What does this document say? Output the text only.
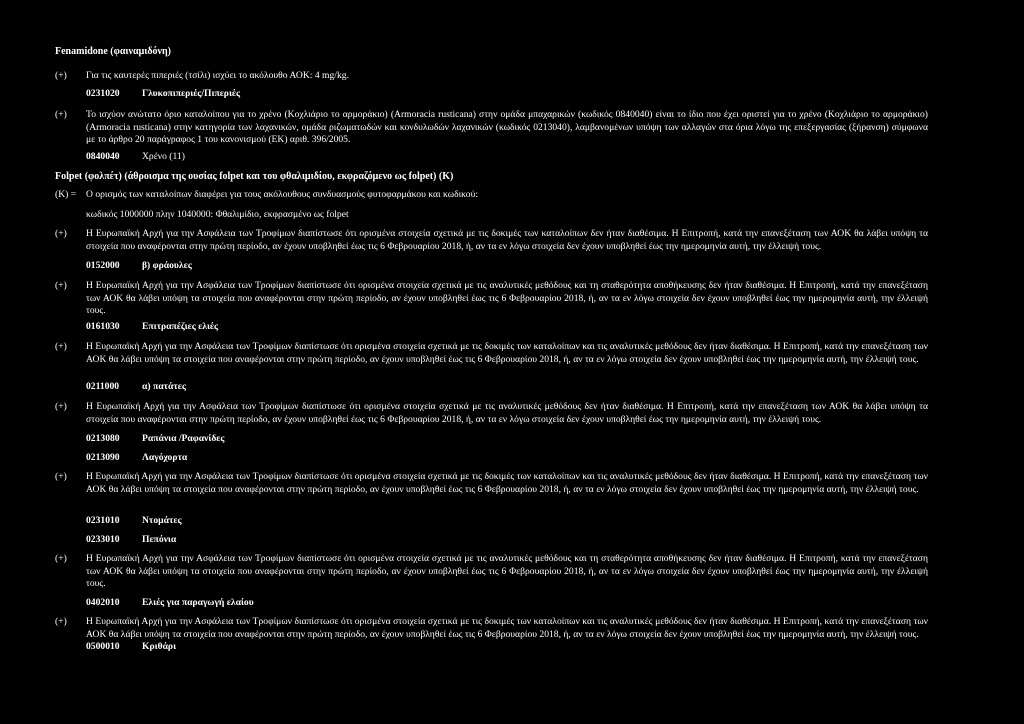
Fenamidone (φαιναμιδόνη)
(+) Για τις καυτερές πιπεριές (τσίλι) ισχύει το ακόλουθο ΑΟΚ: 4 mg/kg.
0231020 Γλυκοπιπεριές/Πιπεριές
(+) Το ισχύον ανώτατο όριο καταλοίπου για το χρένο (Κοχλιάριο το αρμοράκιο) (Armoracia rusticana) στην ομάδα μπαχαρικών (κωδικός 0840040) είναι το ίδιο που έχει οριστεί για το χρένο (Κοχλιάριο το αρμοράκιο) (Armoracia rusticana) στην κατηγορία των λαχανικών, ομάδα ριζωματωδών και κονδυλωδών λαχανικών (κωδικός 0213040), λαμβανομένων υπόψη των αλλαγών στα όρια λόγω της επεξεργασίας (ξήρανση) σύμφωνα με το άρθρο 20 παράγραφος 1 του κανονισμού (ΕΚ) αριθ. 396/2005.
0840040 Χρένο (11)
Folpet (φολπέτ) (άθροισμα της ουσίας folpet και του φθαλιμιδίου, εκφραζόμενο ως folpet) (K)
(K) = Ο ορισμός των καταλοίπων διαφέρει για τους ακόλουθους συνδυασμούς φυτοφαρμάκου και κωδικού:
κωδικός 1000000 πλην 1040000: Φθαλιμίδιο, εκφρασμένο ως folpet
(+) Η Ευρωπαϊκή Αρχή για την Ασφάλεια των Τροφίμων διαπίστωσε ότι ορισμένα στοιχεία σχετικά με τις δοκιμές των καταλοίπων δεν ήταν διαθέσιμα. Η Επιτροπή, κατά την επανεξέταση των ΑΟΚ θα λάβει υπόψη τα στοιχεία που αναφέρονται στην πρώτη περίοδο, αν έχουν υποβληθεί έως τις 6 Φεβρουαρίου 2018, ή, αν τα εν λόγω στοιχεία δεν έχουν υποβληθεί έως την ημερομηνία αυτή, την έλλειψή τους.
0152000 β) φράουλες
(+) Η Ευρωπαϊκή Αρχή για την Ασφάλεια των Τροφίμων διαπίστωσε ότι ορισμένα στοιχεία σχετικά με τις αναλυτικές μεθόδους και τη σταθερότητα αποθήκευσης δεν ήταν διαθέσιμα. Η Επιτροπή, κατά την επανεξέταση των ΑΟΚ θα λάβει υπόψη τα στοιχεία που αναφέρονται στην πρώτη περίοδο, αν έχουν υποβληθεί έως τις 6 Φεβρουαρίου 2018, ή, αν τα εν λόγω στοιχεία δεν έχουν υποβληθεί έως την ημερομηνία αυτή, την έλλειψή τους.
0161030 Επιτραπέζιες ελιές
(+) Η Ευρωπαϊκή Αρχή για την Ασφάλεια των Τροφίμων διαπίστωσε ότι ορισμένα στοιχεία σχετικά με τις δοκιμές των καταλοίπων και τις αναλυτικές μεθόδους δεν ήταν διαθέσιμα. Η Επιτροπή, κατά την επανεξέταση των ΑΟΚ θα λάβει υπόψη τα στοιχεία που αναφέρονται στην πρώτη περίοδο, αν έχουν υποβληθεί έως τις 6 Φεβρουαρίου 2018, ή, αν τα εν λόγω στοιχεία δεν έχουν υποβληθεί έως την ημερομηνία αυτή, την έλλειψή τους.
0211000 α) πατάτες
(+) Η Ευρωπαϊκή Αρχή για την Ασφάλεια των Τροφίμων διαπίστωσε ότι ορισμένα στοιχεία σχετικά με τις αναλυτικές μεθόδους δεν ήταν διαθέσιμα. Η Επιτροπή, κατά την επανεξέταση των ΑΟΚ θα λάβει υπόψη τα στοιχεία που αναφέρονται στην πρώτη περίοδο, αν έχουν υποβληθεί έως τις 6 Φεβρουαρίου 2018, ή, αν τα εν λόγω στοιχεία δεν έχουν υποβληθεί έως την ημερομηνία αυτή, την έλλειψή τους.
0213080 Ραπάνια /Ραφανίδες
0213090 Λαγόχορτα
(+) Η Ευρωπαϊκή Αρχή για την Ασφάλεια των Τροφίμων διαπίστωσε ότι ορισμένα στοιχεία σχετικά με τις δοκιμές των καταλοίπων και τις αναλυτικές μεθόδους δεν ήταν διαθέσιμα. Η Επιτροπή, κατά την επανεξέταση των ΑΟΚ θα λάβει υπόψη τα στοιχεία που αναφέρονται στην πρώτη περίοδο, αν έχουν υποβληθεί έως τις 6 Φεβρουαρίου 2018, ή, αν τα εν λόγω στοιχεία δεν έχουν υποβληθεί έως την ημερομηνία αυτή, την έλλειψή τους.
0231010 Ντομάτες
0233010 Πεπόνια
(+) Η Ευρωπαϊκή Αρχή για την Ασφάλεια των Τροφίμων διαπίστωσε ότι ορισμένα στοιχεία σχετικά με τις αναλυτικές μεθόδους και τη σταθερότητα αποθήκευσης δεν ήταν διαθέσιμα. Η Επιτροπή, κατά την επανεξέταση των ΑΟΚ θα λάβει υπόψη τα στοιχεία που αναφέρονται στην πρώτη περίοδο, αν έχουν υποβληθεί έως τις 6 Φεβρουαρίου 2018, ή, αν τα εν λόγω στοιχεία δεν έχουν υποβληθεί έως την ημερομηνία αυτή, την έλλειψή τους.
0402010 Ελιές για παραγωγή ελαίου
(+) Η Ευρωπαϊκή Αρχή για την Ασφάλεια των Τροφίμων διαπίστωσε ότι ορισμένα στοιχεία σχετικά με τις δοκιμές των καταλοίπων και τις αναλυτικές μεθόδους δεν ήταν διαθέσιμα. Η Επιτροπή, κατά την επανεξέταση των ΑΟΚ θα λάβει υπόψη τα στοιχεία που αναφέρονται στην πρώτη περίοδο, αν έχουν υποβληθεί έως τις 6 Φεβρουαρίου 2018, ή, αν τα εν λόγω στοιχεία δεν έχουν υποβληθεί έως την ημερομηνία αυτή, την έλλειψή τους.
0500010 Κριθάρι
